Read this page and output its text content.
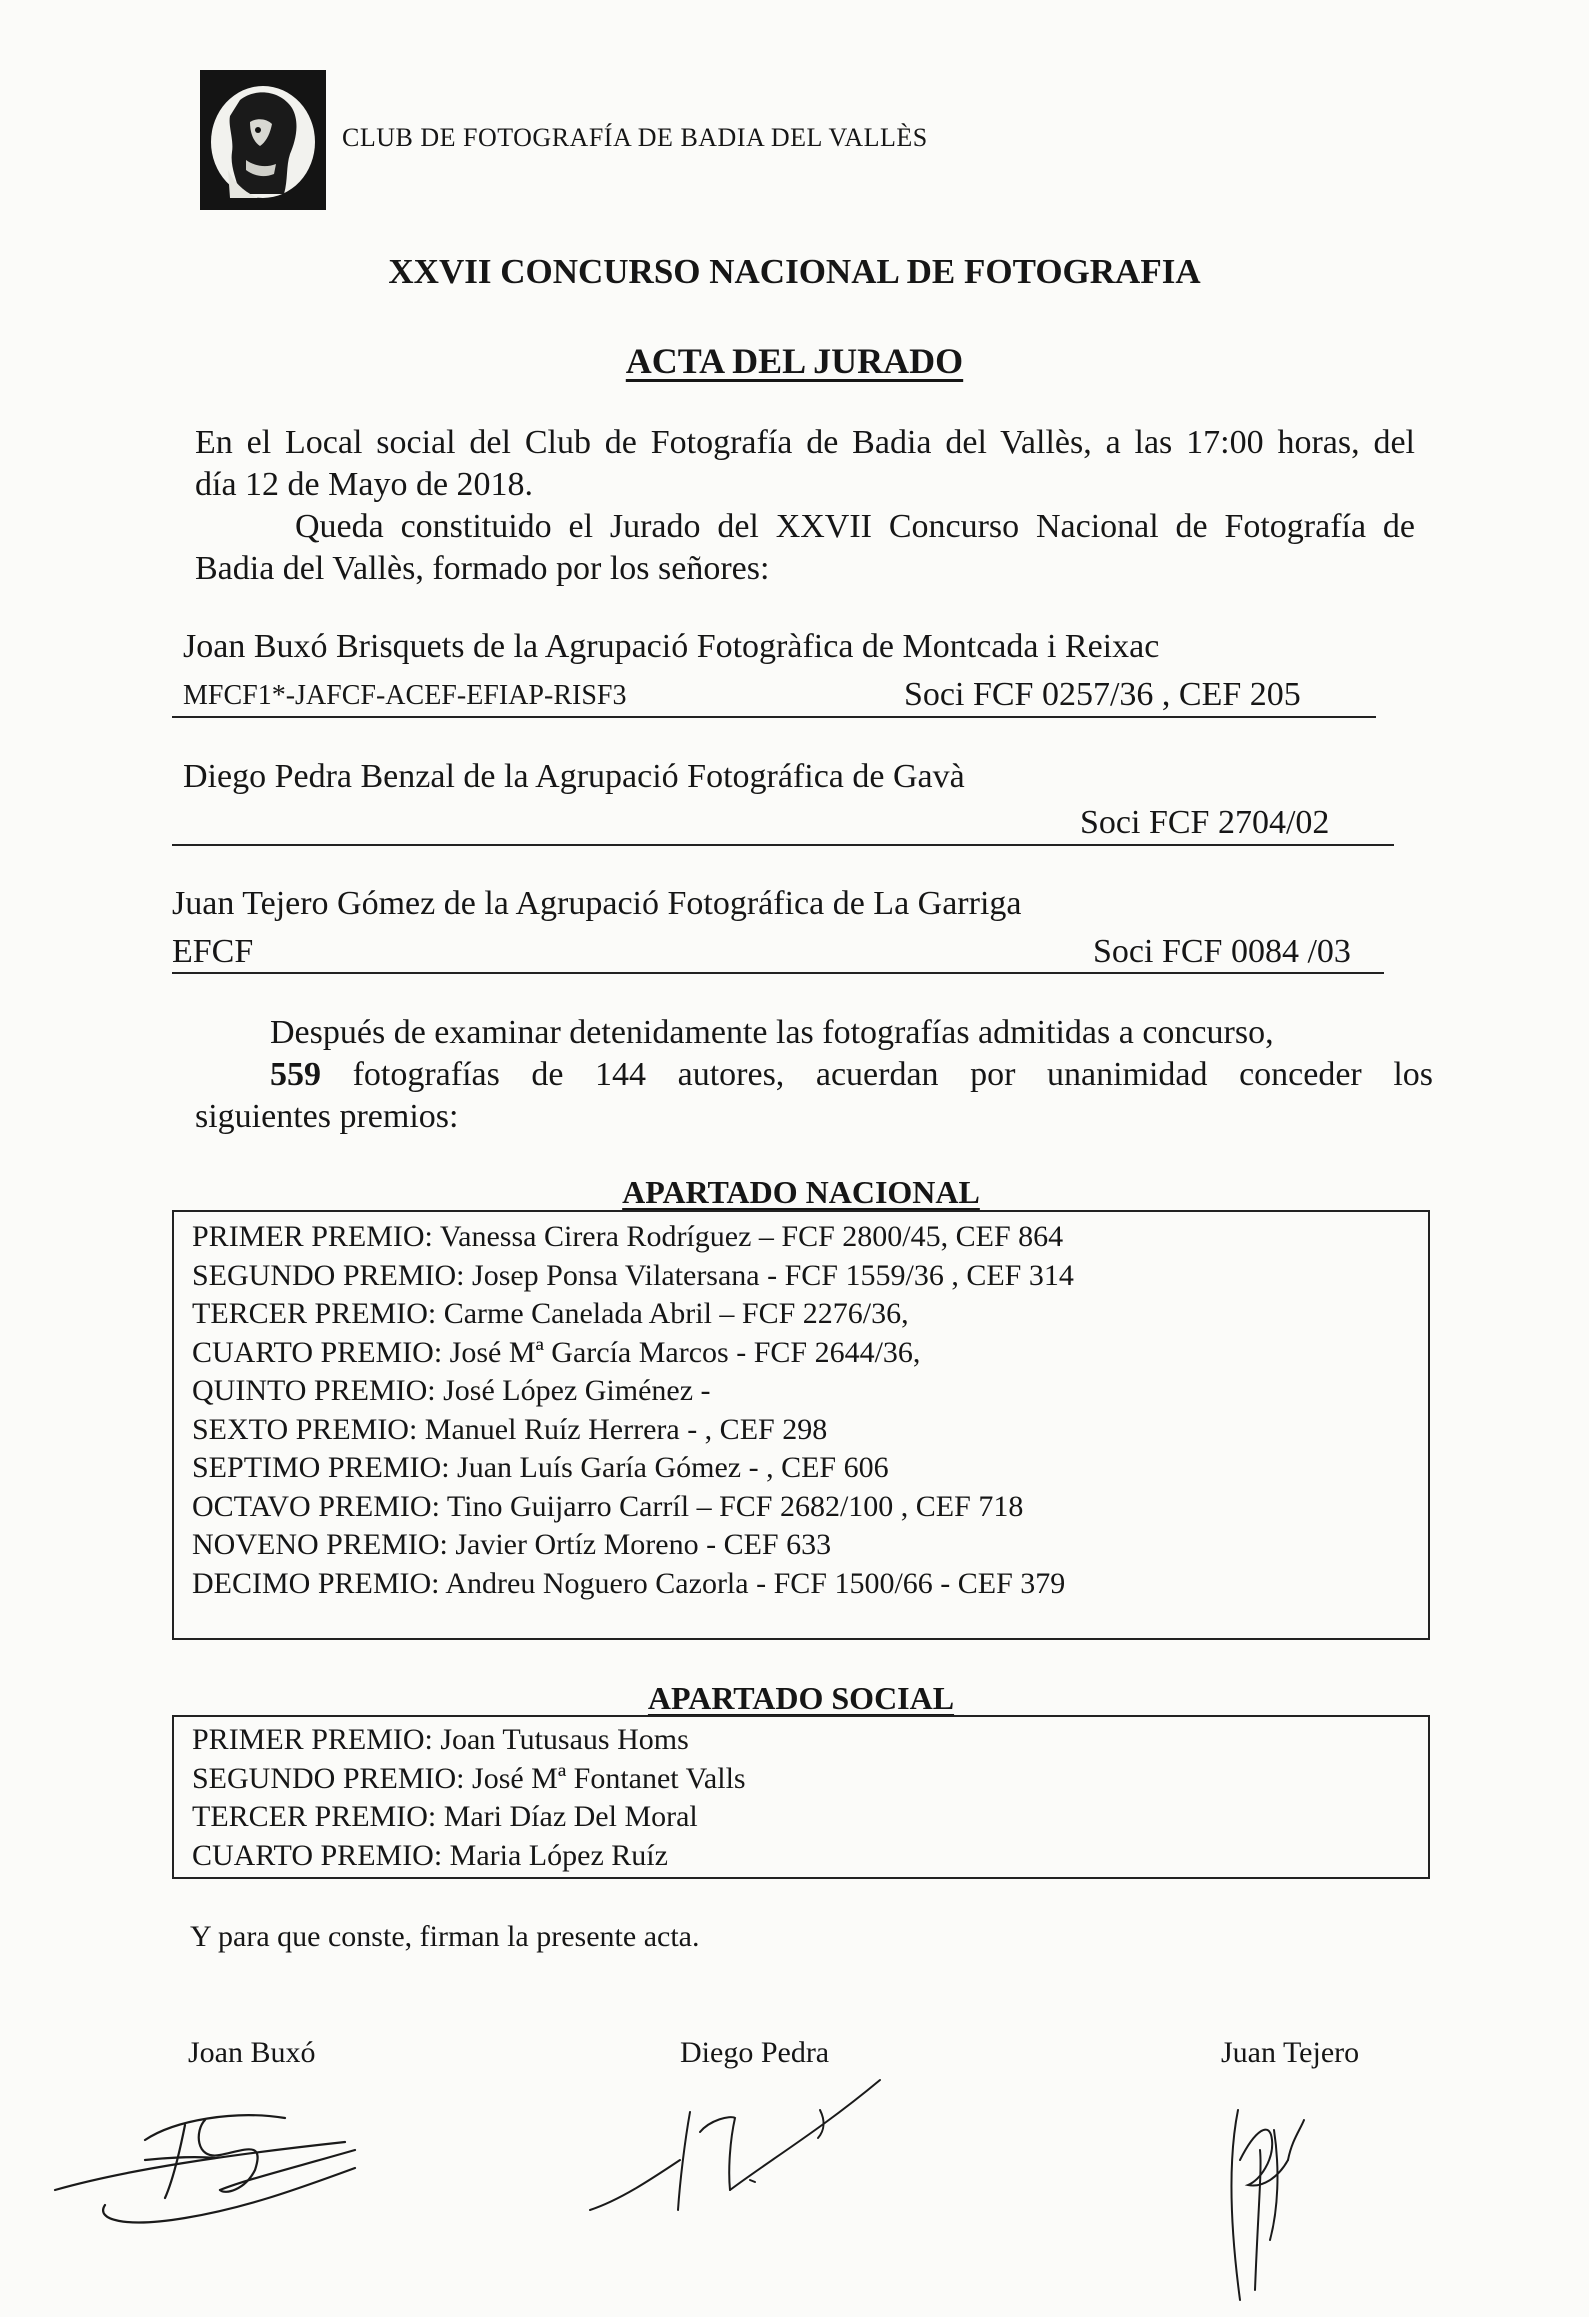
CLUB DE FOTOGRAFÍA DE BADIA DEL VALLÈS
XXVII CONCURSO NACIONAL DE FOTOGRAFIA
ACTA DEL JURADO
En el Local social del Club de Fotografía de Badia del Vallès, a las 17:00 horas, del
día 12 de Mayo de 2018.
Queda constituido el Jurado del XXVII Concurso Nacional de Fotografía de
Badia del Vallès, formado por los señores:
Joan Buxó Brisquets de la Agrupació Fotogràfica de Montcada i Reixac
MFCF1*-JAFCF-ACEF-EFIAP-RISF3	Soci FCF 0257/36 , CEF 205
Diego Pedra Benzal de la Agrupació Fotográfica de Gavà
Soci FCF 2704/02
Juan Tejero Gómez de la Agrupació Fotográfica de La Garriga
EFCF	Soci FCF 0084 /03
Después de examinar detenidamente las fotografías admitidas a concurso,
559 fotografías de 144 autores, acuerdan por unanimidad conceder los
siguientes premios:
APARTADO NACIONAL
PRIMER PREMIO: Vanessa Cirera Rodríguez – FCF 2800/45, CEF 864
SEGUNDO PREMIO: Josep Ponsa Vilatersana - FCF 1559/36 , CEF 314
TERCER PREMIO: Carme Canelada Abril – FCF 2276/36,
CUARTO PREMIO: José Mª García Marcos - FCF 2644/36,
QUINTO PREMIO: José López Giménez -
SEXTO PREMIO: Manuel Ruíz Herrera - , CEF 298
SEPTIMO PREMIO: Juan Luís Garía Gómez - , CEF 606
OCTAVO PREMIO: Tino Guijarro Carríl – FCF 2682/100 , CEF 718
NOVENO PREMIO: Javier Ortíz Moreno - CEF 633
DECIMO PREMIO: Andreu Noguero Cazorla - FCF 1500/66 - CEF 379
APARTADO SOCIAL
PRIMER PREMIO: Joan Tutusaus Homs
SEGUNDO PREMIO: José Mª Fontanet Valls
TERCER PREMIO: Mari Díaz Del Moral
CUARTO PREMIO: Maria López Ruíz
Y para que conste, firman la presente acta.
Joan Buxó	Diego Pedra	Juan Tejero
